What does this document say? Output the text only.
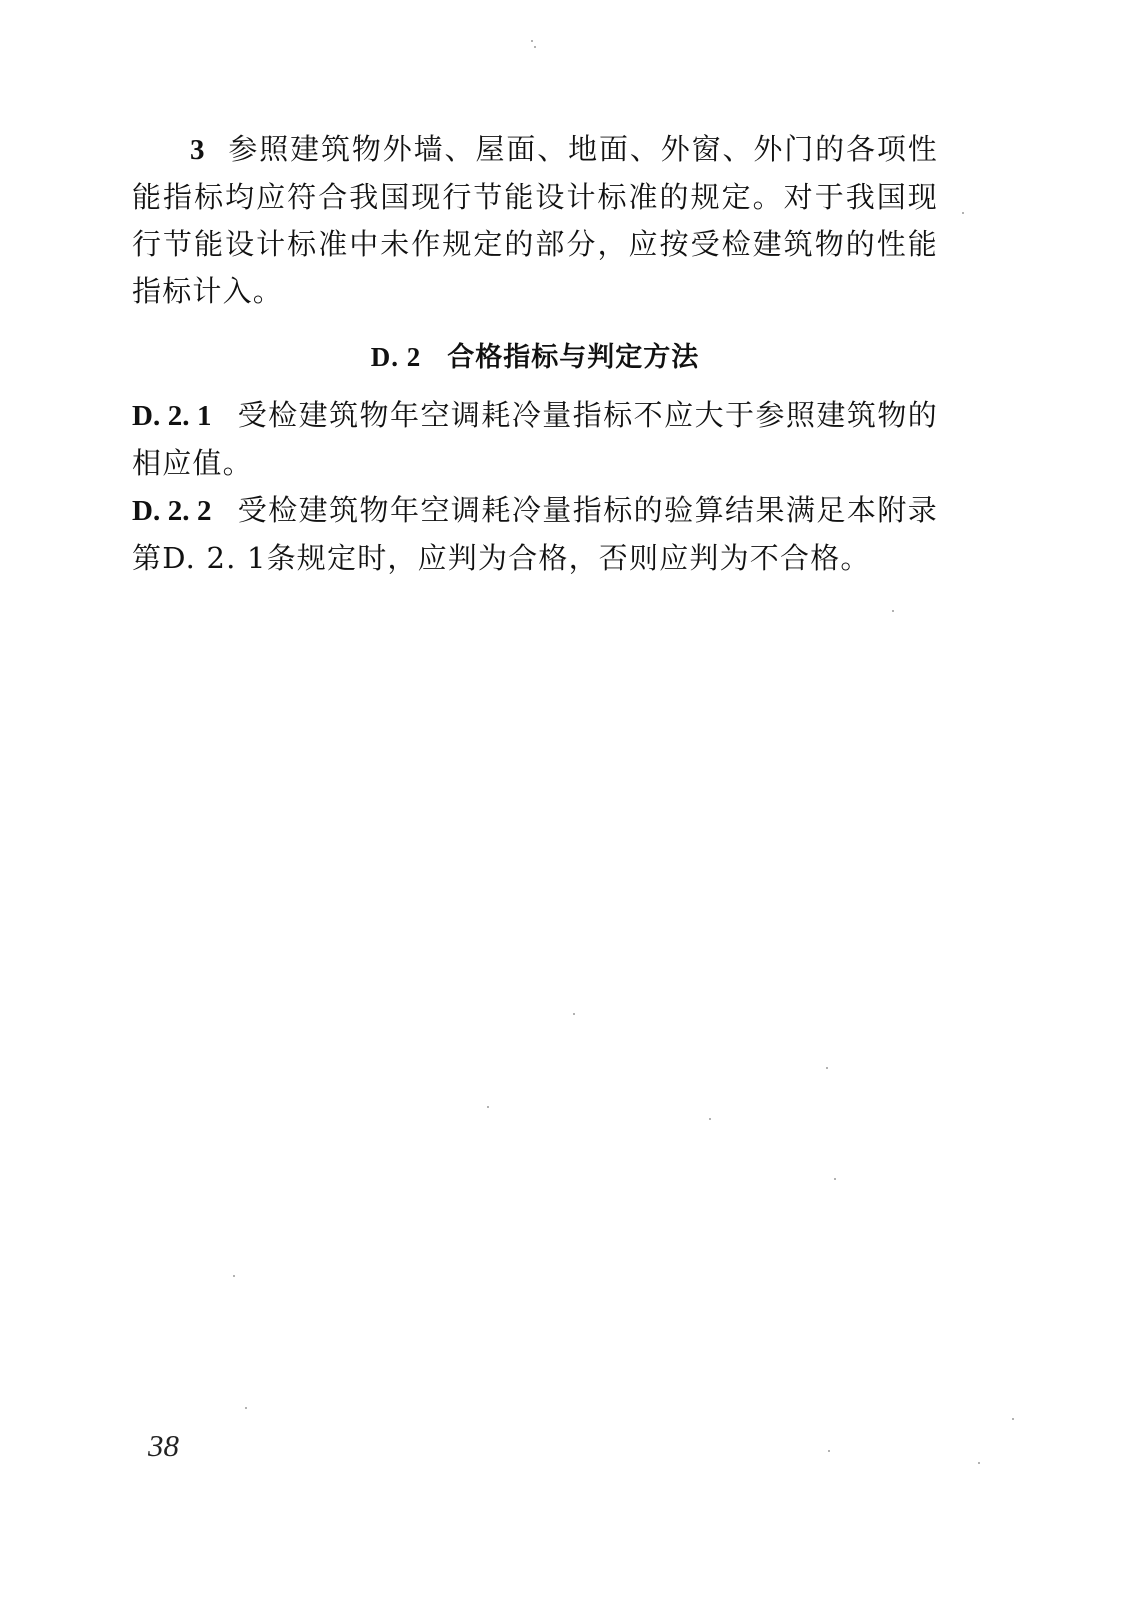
3 参照建筑物外墙、屋面、地面、外窗、外门的各项性能指标均应符合我国现行节能设计标准的规定。对于我国现行节能设计标准中未作规定的部分，应按受检建筑物的性能指标计入。

D. 2 合格指标与判定方法

D. 2. 1 受检建筑物年空调耗冷量指标不应大于参照建筑物的相应值。

D. 2. 2 受检建筑物年空调耗冷量指标的验算结果满足本附录第D. 2. 1条规定时，应判为合格，否则应判为不合格。

38
